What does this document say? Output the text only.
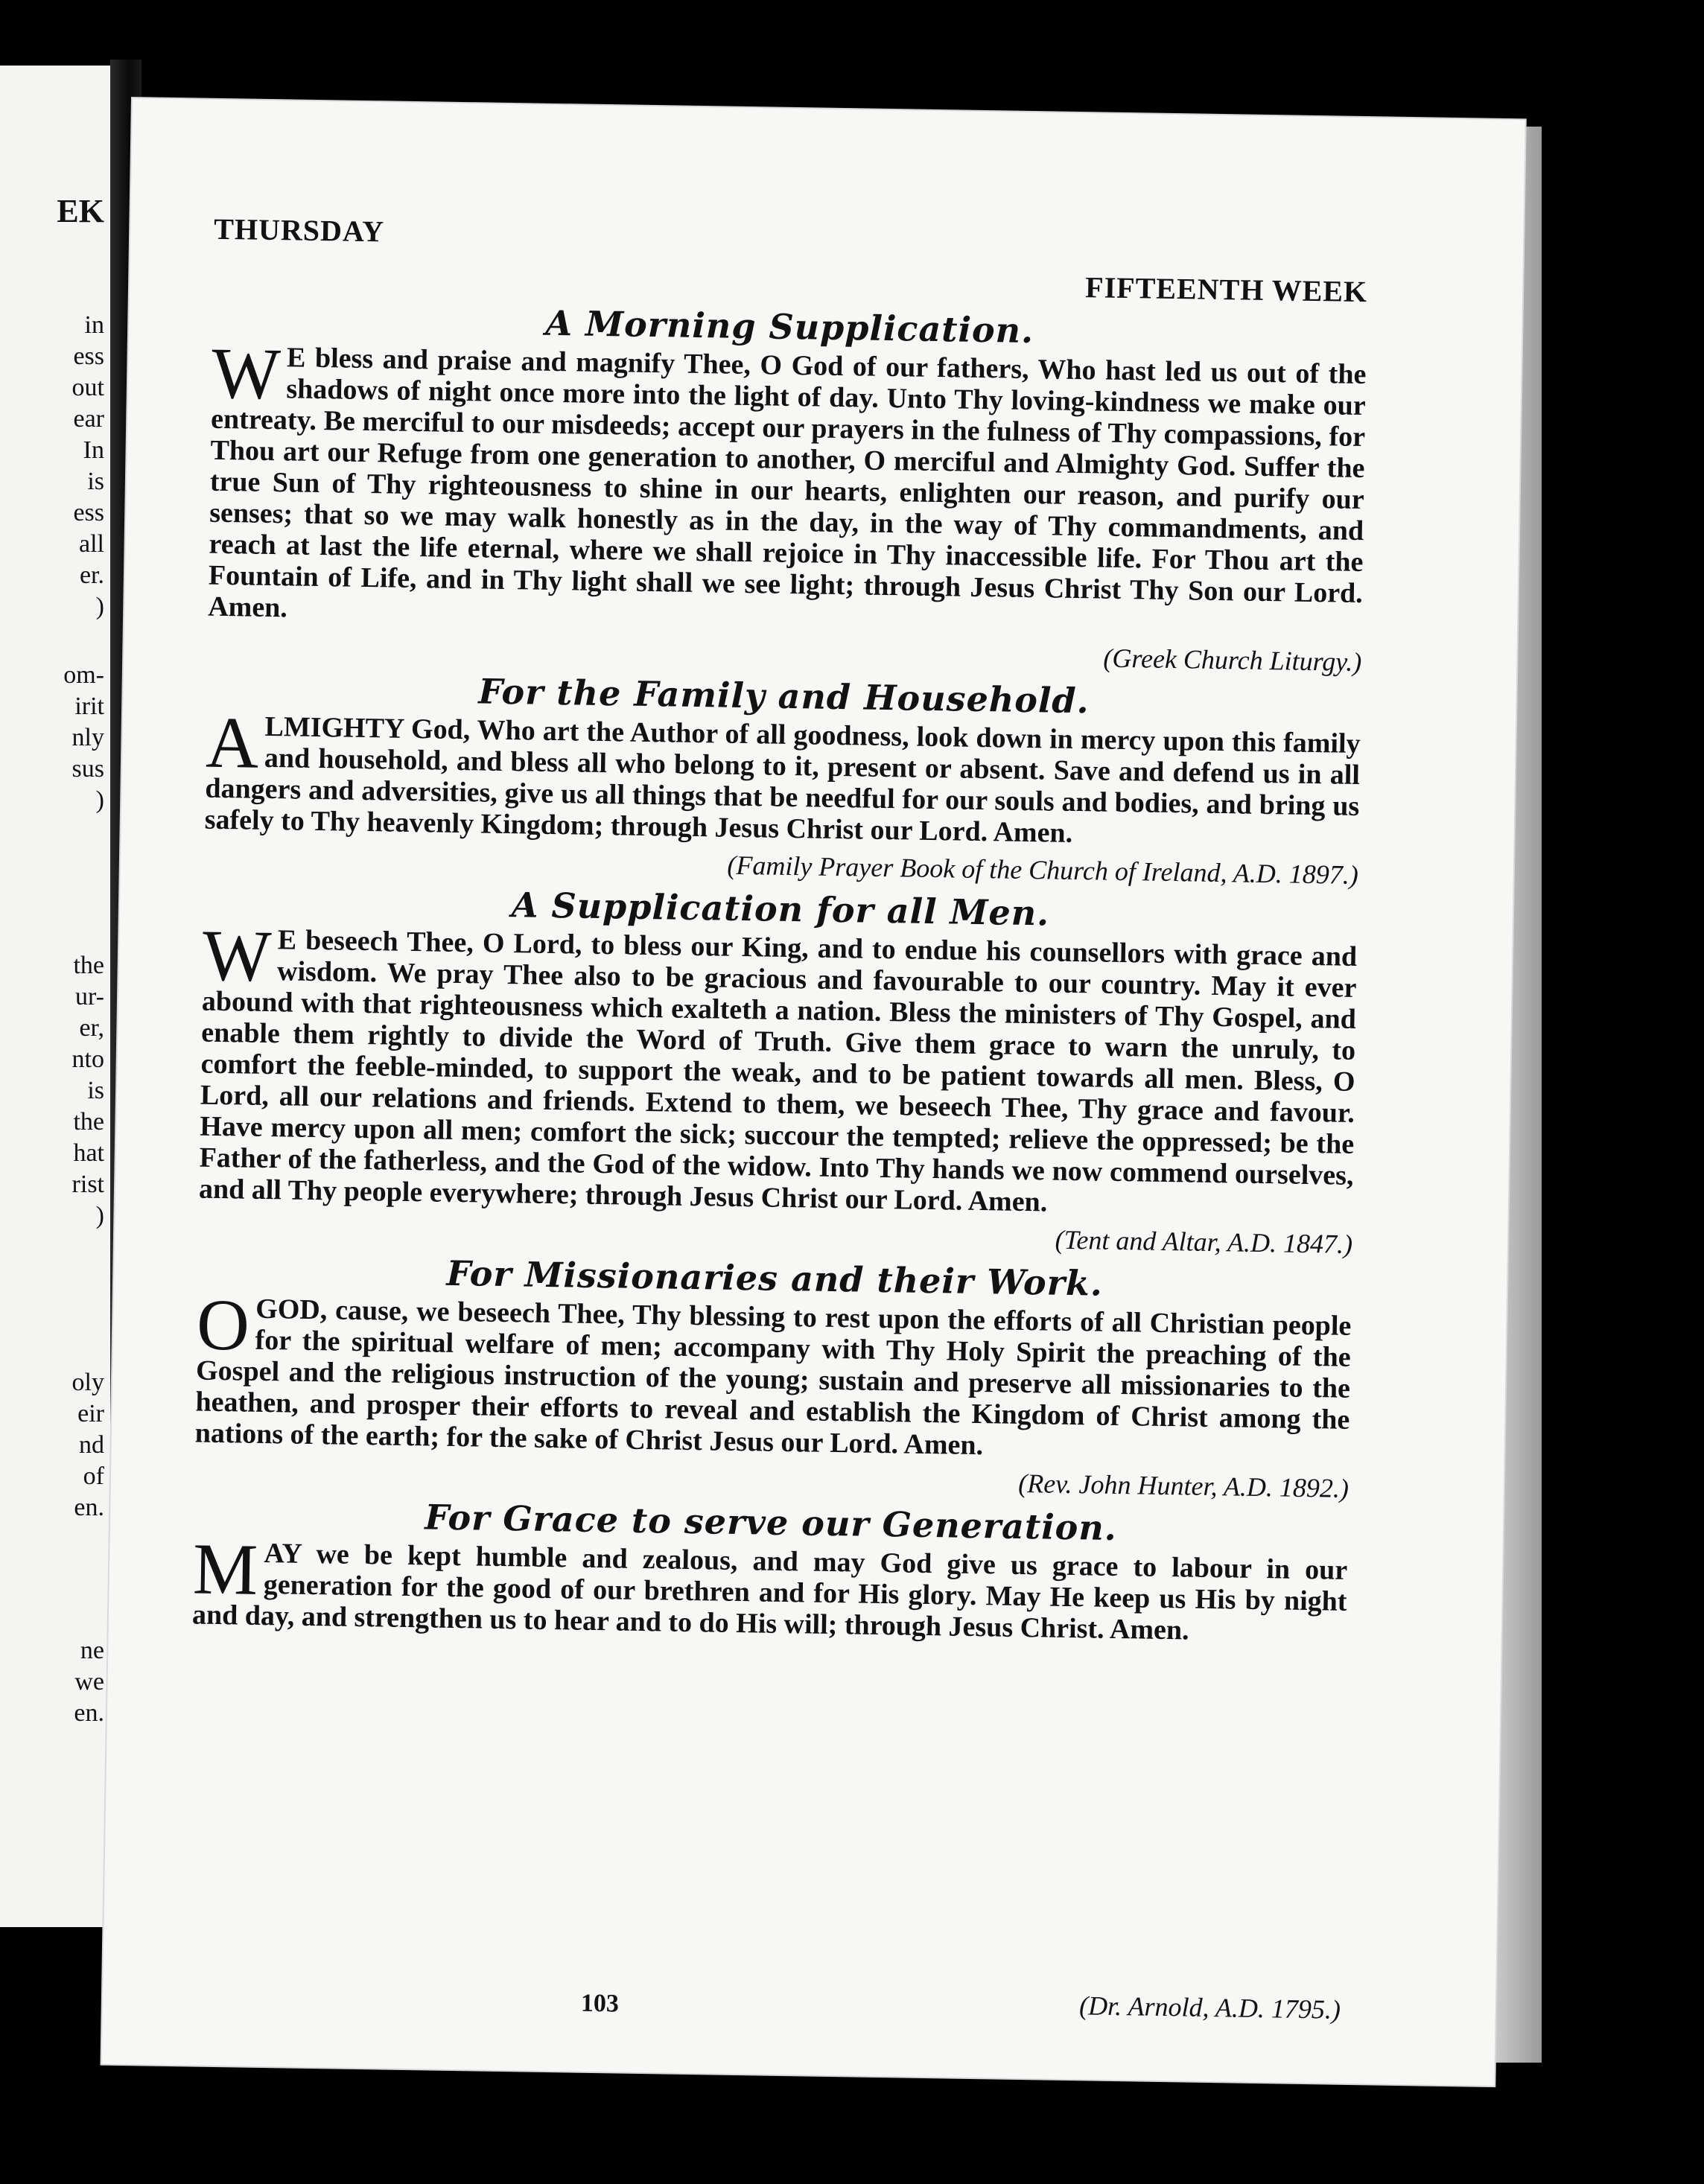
EK
in
ess
out
ear
In
is
ess
all
er.
)
om-
irit
nly
sus
)
the
ur-
er,
nto
is
the
hat
rist
)
oly
eir
nd
of
en.
ne
we
en.
THURSDAY
FIFTEENTH WEEK
A Morning Supplication.

WE bless and praise and magnify Thee, O God of our fathers, Who hast led us out of the shadows of night once more into the light of day. Unto Thy loving-kindness we make our entreaty. Be merciful to our misdeeds; accept our prayers in the fulness of Thy compassions, for Thou art our Refuge from one generation to another, O merciful and Almighty God. Suffer the true Sun of Thy righteousness to shine in our hearts, enlighten our reason, and purify our senses; that so we may walk honestly as in the day, in the way of Thy commandments, and reach at last the life eternal, where we shall rejoice in Thy inaccessible life. For Thou art the Fountain of Life, and in Thy light shall we see light; through Jesus Christ Thy Son our Lord. Amen.

(Greek Church Liturgy.)
For the Family and Household.

ALMIGHTY God, Who art the Author of all goodness, look down in mercy upon this family and household, and bless all who belong to it, present or absent. Save and defend us in all dangers and adversities, give us all things that be needful for our souls and bodies, and bring us safely to Thy heavenly Kingdom; through Jesus Christ our Lord. Amen.

(Family Prayer Book of the Church of Ireland, A.D. 1897.)
A Supplication for all Men.

WE beseech Thee, O Lord, to bless our King, and to endue his counsellors with grace and wisdom. We pray Thee also to be gracious and favourable to our country. May it ever abound with that righteousness which exalteth a nation. Bless the ministers of Thy Gospel, and enable them rightly to divide the Word of Truth. Give them grace to warn the unruly, to comfort the feeble-minded, to support the weak, and to be patient towards all men. Bless, O Lord, all our relations and friends. Extend to them, we beseech Thee, Thy grace and favour. Have mercy upon all men; comfort the sick; succour the tempted; relieve the oppressed; be the Father of the fatherless, and the God of the widow. Into Thy hands we now commend ourselves, and all Thy people everywhere; through Jesus Christ our Lord. Amen.

(Tent and Altar, A.D. 1847.)
For Missionaries and their Work.

OGOD, cause, we beseech Thee, Thy blessing to rest upon the efforts of all Christian people for the spiritual welfare of men; accompany with Thy Holy Spirit the preaching of the Gospel and the religious instruction of the young; sustain and preserve all missionaries to the heathen, and prosper their efforts to reveal and establish the Kingdom of Christ among the nations of the earth; for the sake of Christ Jesus our Lord. Amen.

(Rev. John Hunter, A.D. 1892.)
For Grace to serve our Generation.

MAY we be kept humble and zealous, and may God give us grace to labour in our generation for the good of our brethren and for His glory. May He keep us His by night and day, and strengthen us to hear and to do His will; through Jesus Christ. Amen.

103	(Dr. Arnold, A.D. 1795.)
